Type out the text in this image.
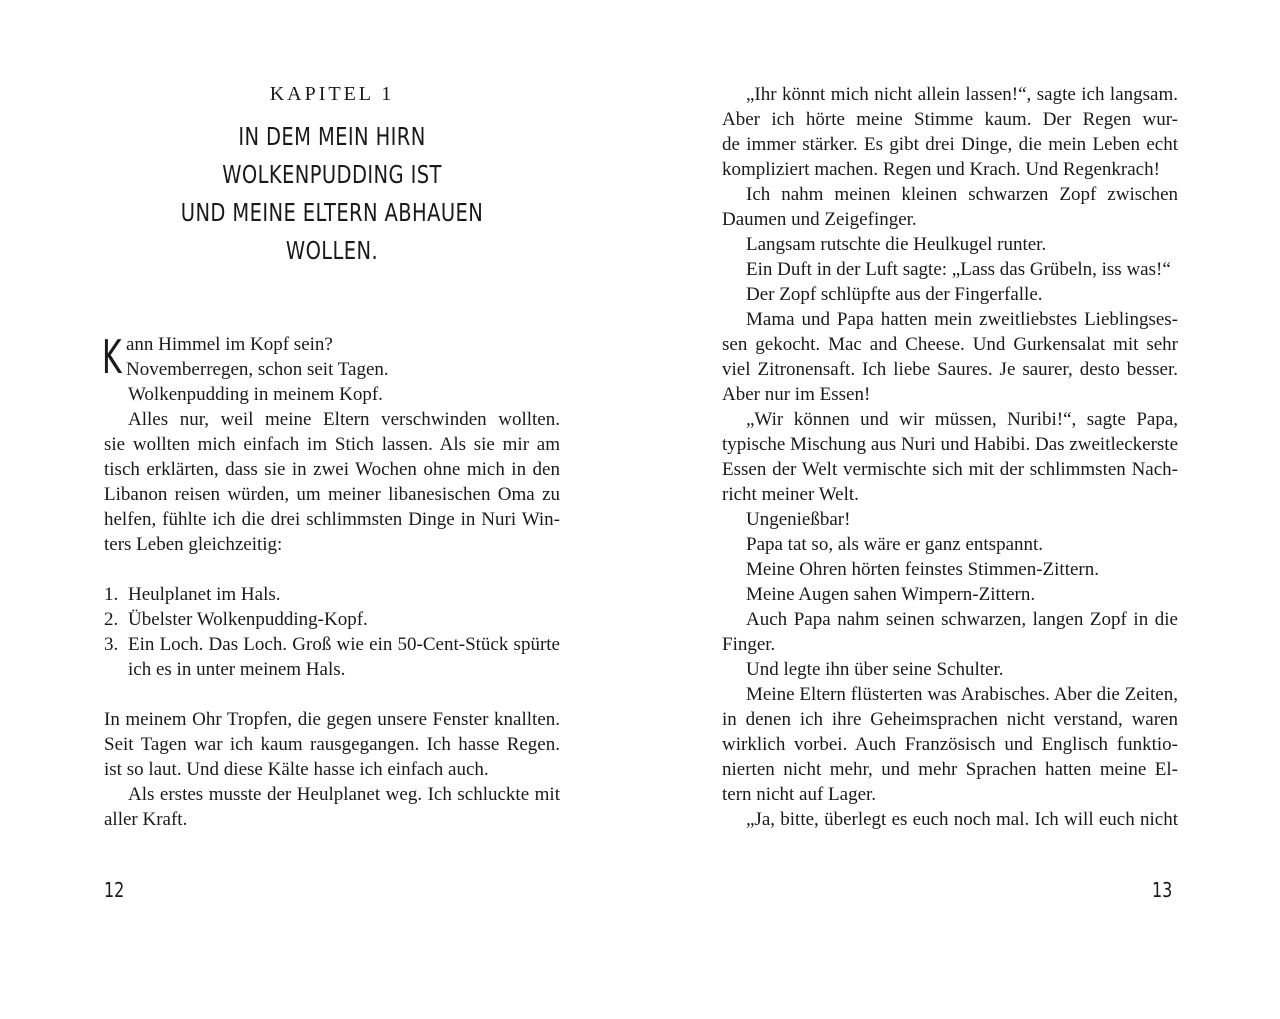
KAPITEL 1
IN DEM MEIN HIRN WOLKENPUDDING IST
UND MEINE ELTERN ABHAUEN WOLLEN.
K ann Himmel im Kopf sein?
Novemberregen, schon seit Tagen.
Wolkenpudding in meinem Kopf.
Alles nur, weil meine Eltern verschwinden wollten.
sie wollten mich einfach im Stich lassen. Als sie mir am
tisch erklärten, dass sie in zwei Wochen ohne mich in den
Libanon reisen würden, um meiner libanesischen Oma zu
helfen, fühlte ich die drei schlimmsten Dinge in Nuri Win-
ters Leben gleichzeitig:
1. Heulplanet im Hals.
2. Übelster Wolkenpudding-Kopf.
3. Ein Loch. Das Loch. Groß wie ein 50-Cent-Stück spürte
ich es in unter meinem Hals.
In meinem Ohr Tropfen, die gegen unsere Fenster knallten.
Seit Tagen war ich kaum rausgegangen. Ich hasse Regen.
ist so laut. Und diese Kälte hasse ich einfach auch.
Als erstes musste der Heulplanet weg. Ich schluckte mit
aller Kraft.
12
„Ihr könnt mich nicht allein lassen!“, sagte ich langsam.
Aber ich hörte meine Stimme kaum. Der Regen wur-
de immer stärker. Es gibt drei Dinge, die mein Leben echt
kompliziert machen. Regen und Krach. Und Regenkrach!
Ich nahm meinen kleinen schwarzen Zopf zwischen
Daumen und Zeigefinger.
Langsam rutschte die Heulkugel runter.
Ein Duft in der Luft sagte: „Lass das Grübeln, iss was!“
Der Zopf schlüpfte aus der Fingerfalle.
Mama und Papa hatten mein zweitliebstes Lieblingses-
sen gekocht. Mac and Cheese. Und Gurkensalat mit sehr
viel Zitronensaft. Ich liebe Saures. Je saurer, desto besser.
Aber nur im Essen!
„Wir können und wir müssen, Nuribi!“, sagte Papa,
typische Mischung aus Nuri und Habibi. Das zweitleckerste
Essen der Welt vermischte sich mit der schlimmsten Nach-
richt meiner Welt.
Ungenießbar!
Papa tat so, als wäre er ganz entspannt.
Meine Ohren hörten feinstes Stimmen-Zittern.
Meine Augen sahen Wimpern-Zittern.
Auch Papa nahm seinen schwarzen, langen Zopf in die
Finger.
Und legte ihn über seine Schulter.
Meine Eltern flüsterten was Arabisches. Aber die Zeiten,
in denen ich ihre Geheimsprachen nicht verstand, waren
wirklich vorbei. Auch Französisch und Englisch funktio-
nierten nicht mehr, und mehr Sprachen hatten meine El-
tern nicht auf Lager.
„Ja, bitte, überlegt es euch noch mal. Ich will euch nicht
13
